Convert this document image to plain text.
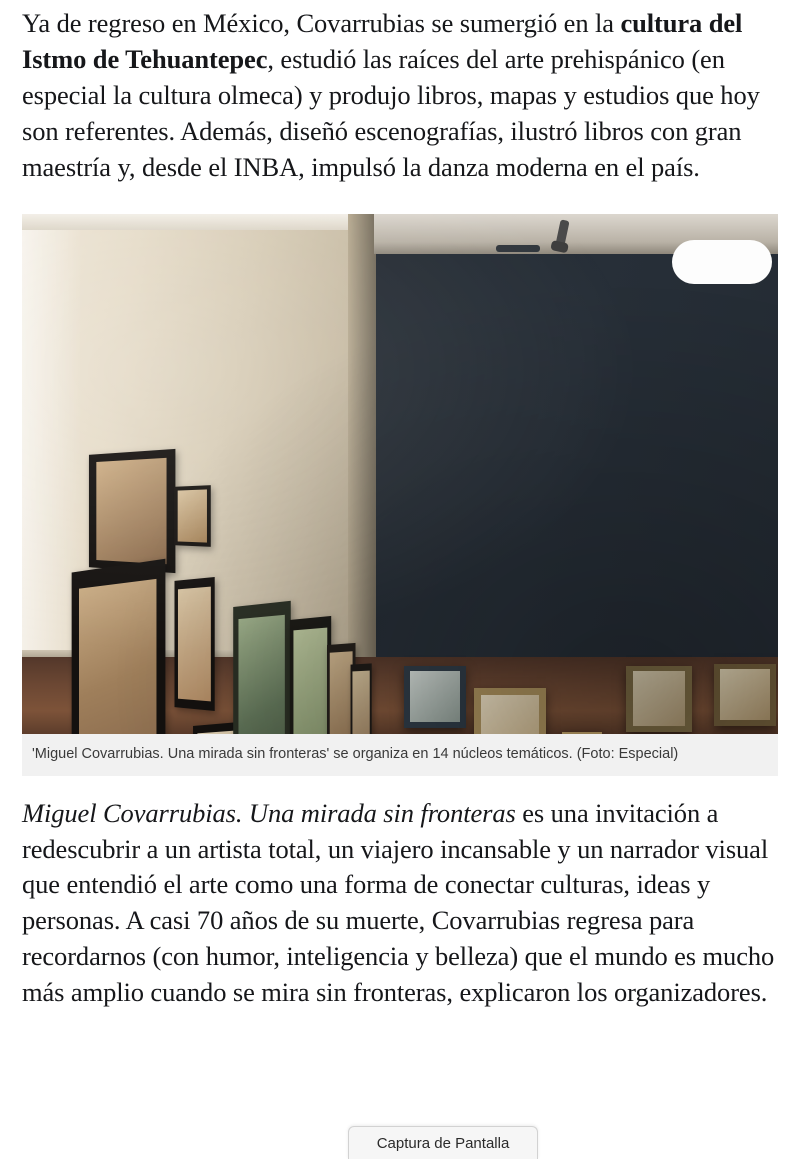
Ya de regreso en México, Covarrubias se sumergió en la cultura del Istmo de Tehuantepec, estudió las raíces del arte prehispánico (en especial la cultura olmeca) y produjo libros, mapas y estudios que hoy son referentes. Además, diseñó escenografías, ilustró libros con gran maestría y, desde el INBA, impulsó la danza moderna en el país.

'Miguel Covarrubias. Una mirada sin fronteras' se organiza en 14 núcleos temáticos. (Foto: Especial)

Miguel Covarrubias. Una mirada sin fronteras es una invitación a redescubrir a un artista total, un viajero incansable y un narrador visual que entendió el arte como una forma de conectar culturas, ideas y personas. A casi 70 años de su muerte, Covarrubias regresa para recordarnos (con humor, inteligencia y belleza) que el mundo es mucho más amplio cuando se mira sin fronteras, explicaron los organizadores.

Captura de Pantalla
